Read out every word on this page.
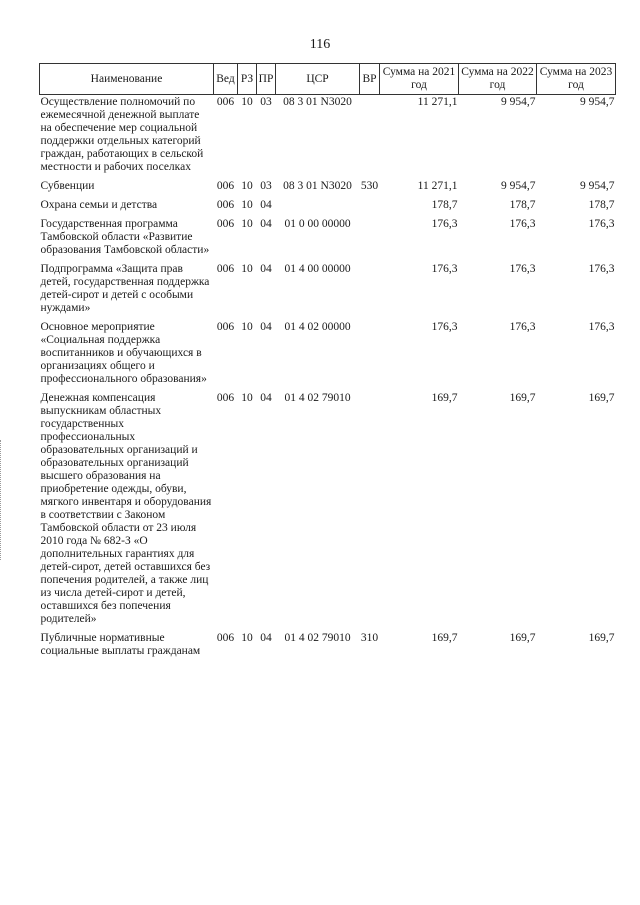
116
Наименование	Вед	РЗ	ПР	ЦСР	ВР	Сумма на 2021 год	Сумма на 2022 год	Сумма на 2023 год
Осуществление полномочий по ежемесячной денежной выплате на обеспечение мер социальной поддержки отдельных категорий граждан, работающих в сельской местности и рабочих поселках	006	10	03	08 3 01 N3020		11 271,1	9 954,7	9 954,7
Субвенции	006	10	03	08 3 01 N3020	530	11 271,1	9 954,7	9 954,7
Охрана семьи и детства	006	10	04			178,7	178,7	178,7
Государственная программа Тамбовской области «Развитие образования Тамбовской области»	006	10	04	01 0 00 00000		176,3	176,3	176,3
Подпрограмма «Защита прав детей, государственная поддержка детей-сирот и детей с особыми нуждами»	006	10	04	01 4 00 00000		176,3	176,3	176,3
Основное мероприятие «Социальная поддержка воспитанников и обучающихся в организациях общего и профессионального образования»	006	10	04	01 4 02 00000		176,3	176,3	176,3
Денежная компенсация выпускникам областных государственных профессиональных образовательных организаций и образовательных организаций высшего образования на приобретение одежды, обуви, мягкого инвентаря и оборудования в соответствии с Законом Тамбовской области от 23 июля 2010 года № 682-З «О дополнительных гарантиях для детей-сирот, детей оставшихся без попечения родителей, а также лиц из числа детей-сирот и детей, оставшихся без попечения родителей»	006	10	04	01 4 02 79010		169,7	169,7	169,7
Публичные нормативные социальные выплаты гражданам	006	10	04	01 4 02 79010	310	169,7	169,7	169,7
